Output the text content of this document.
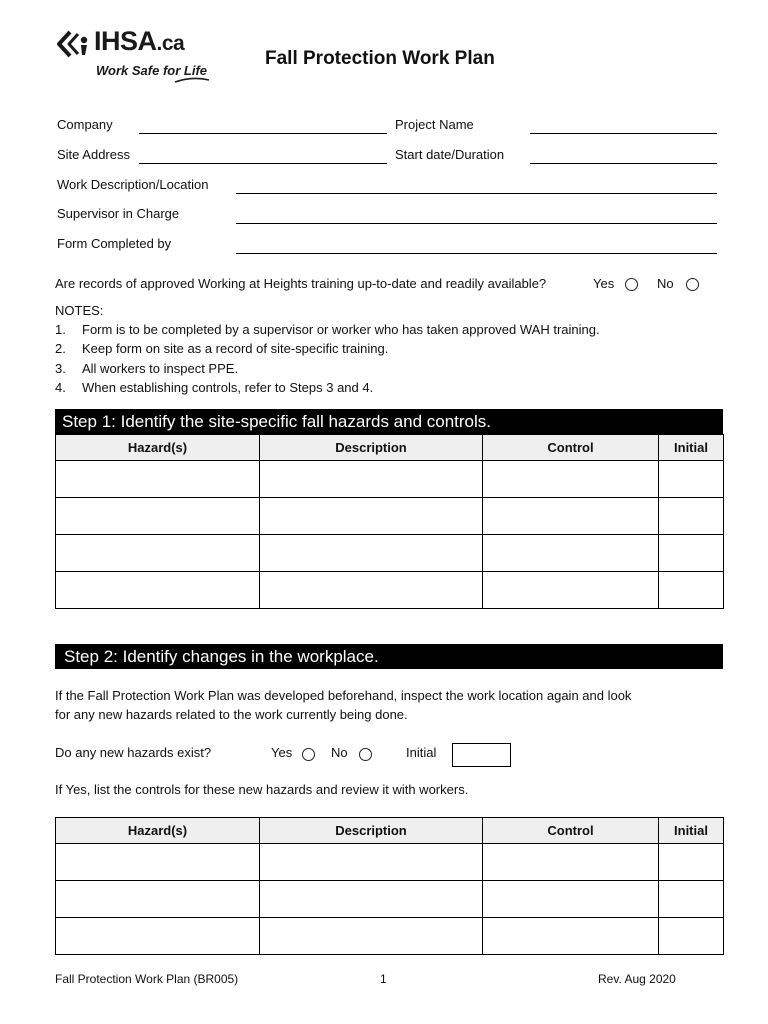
IHSA.ca
Work Safe for Life
Fall Protection Work Plan
Company	Project Name
Site Address	Start date/Duration
Work Description/Location
Supervisor in Charge
Form Completed by
Are records of approved Working at Heights training up-to-date and readily available?	Yes	No
NOTES:
1. Form is to be completed by a supervisor or worker who has taken approved WAH training.
2. Keep form on site as a record of site-specific training.
3. All workers to inspect PPE.
4. When establishing controls, refer to Steps 3 and 4.
Step 1: Identify the site-specific fall hazards and controls.
Hazard(s)	Description	Control	Initial

Step 2: Identify changes in the workplace.
If the Fall Protection Work Plan was developed beforehand, inspect the work location again and look
for any new hazards related to the work currently being done.
Do any new hazards exist?	Yes	No	Initial
If Yes, list the controls for these new hazards and review it with workers.
Hazard(s)	Description	Control	Initial

Fall Protection Work Plan (BR005)	1	Rev. Aug 2020
